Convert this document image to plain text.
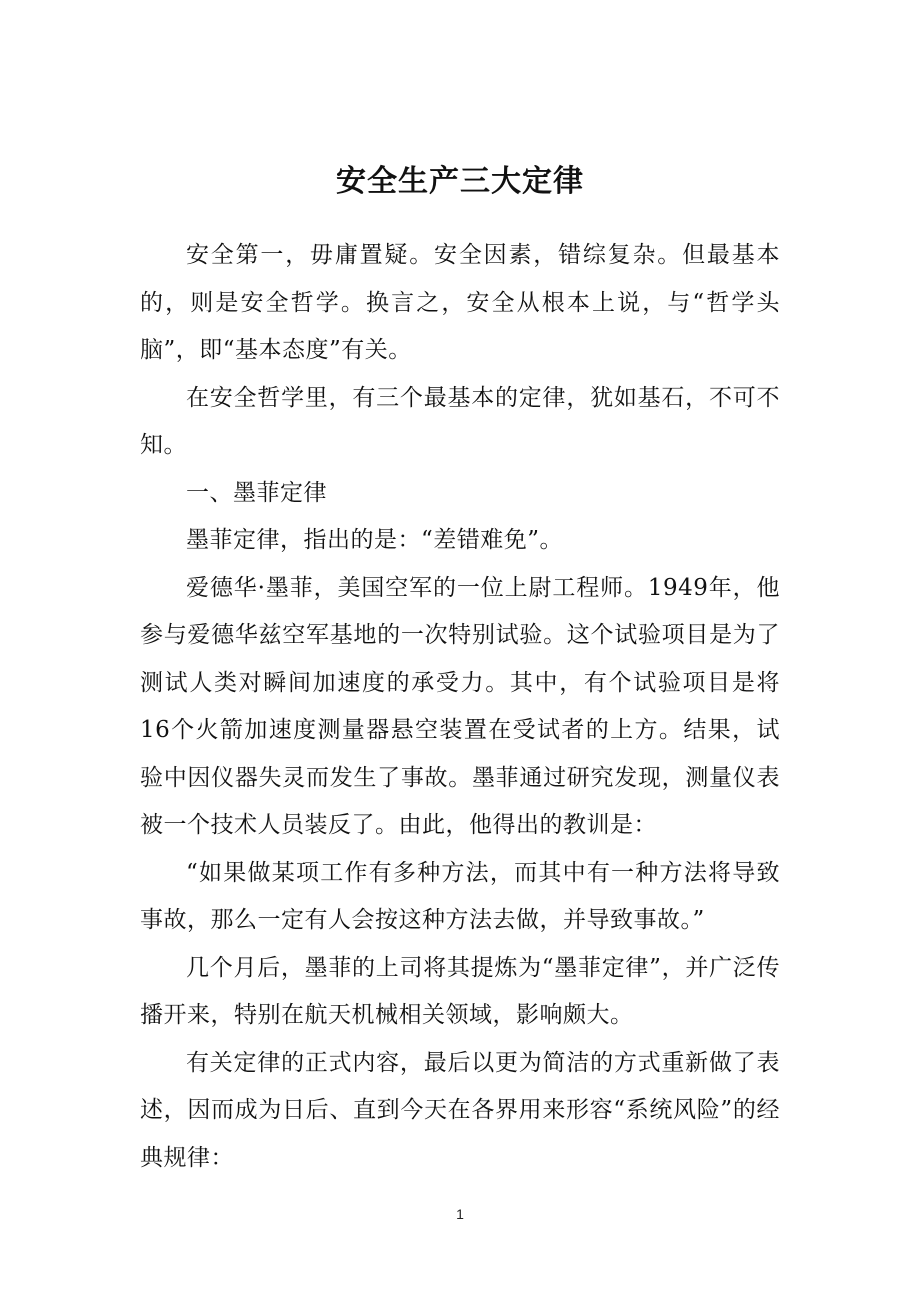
安全生产三大定律

安全第一，毋庸置疑。安全因素，错综复杂。但最基本的，则是安全哲学。换言之，安全从根本上说，与“哲学头脑”，即“基本态度”有关。

在安全哲学里，有三个最基本的定律，犹如基石，不可不知。

一、墨菲定律

墨菲定律，指出的是：“差错难免”。

爱德华·墨菲，美国空军的一位上尉工程师。1949年，他参与爱德华兹空军基地的一次特别试验。这个试验项目是为了测试人类对瞬间加速度的承受力。其中，有个试验项目是将16个火箭加速度测量器悬空装置在受试者的上方。结果，试验中因仪器失灵而发生了事故。墨菲通过研究发现，测量仪表被一个技术人员装反了。由此，他得出的教训是：

“如果做某项工作有多种方法，而其中有一种方法将导致事故，那么一定有人会按这种方法去做，并导致事故。”

几个月后，墨菲的上司将其提炼为“墨菲定律”，并广泛传播开来，特别在航天机械相关领域，影响颇大。

有关定律的正式内容，最后以更为简洁的方式重新做了表述，因而成为日后、直到今天在各界用来形容“系统风险”的经典规律：

1
